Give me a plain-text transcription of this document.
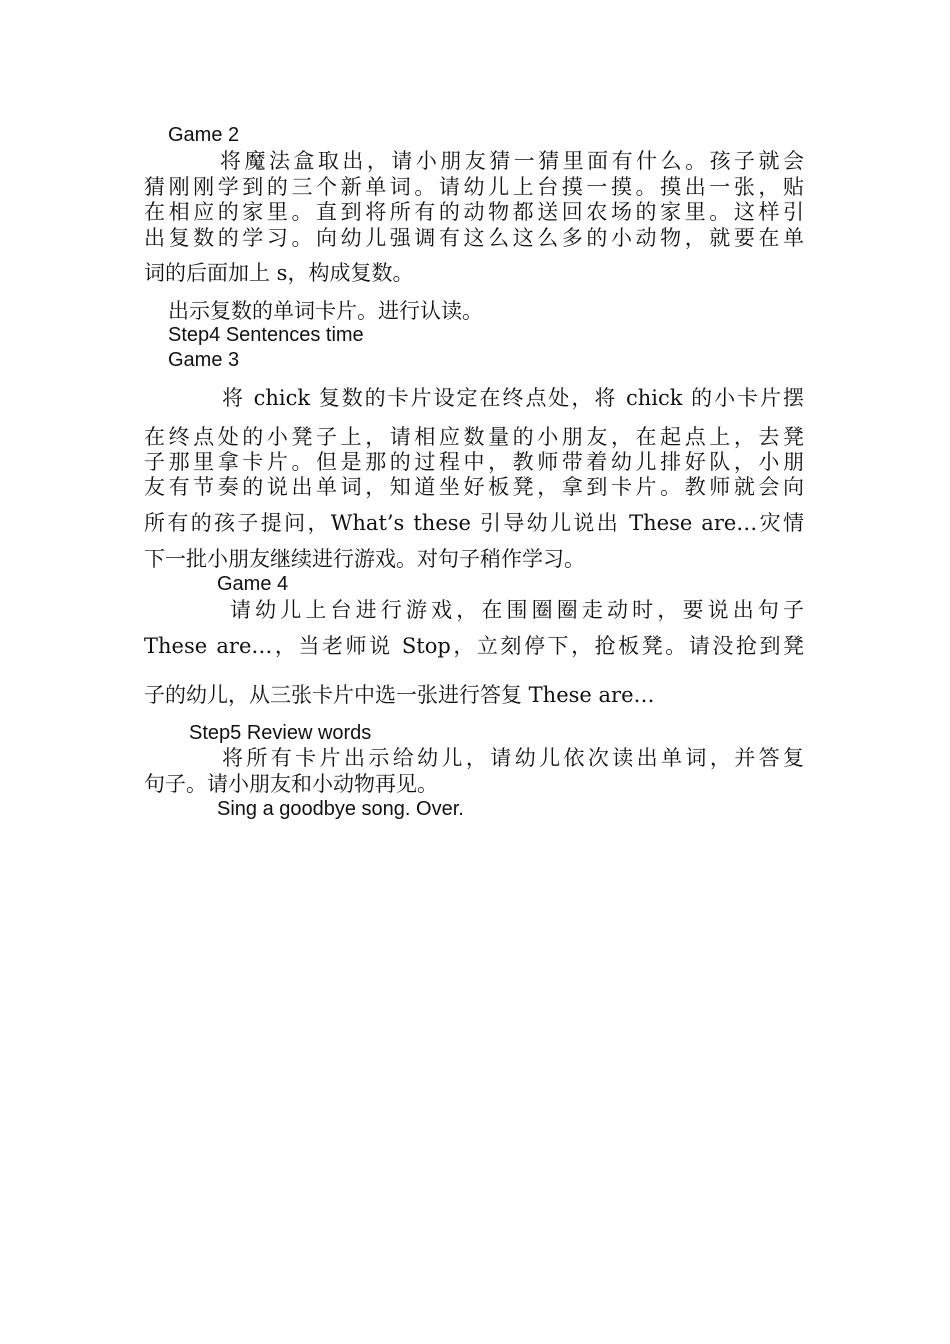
Game 2
将魔法盒取出，请小朋友猜一猜里面有什么。孩子就会
猜刚刚学到的三个新单词。请幼儿上台摸一摸。摸出一张，贴
在相应的家里。直到将所有的动物都送回农场的家里。这样引
出复数的学习。向幼儿强调有这么这么多的小动物，就要在单
词的后面加上 s，构成复数。
出示复数的单词卡片。进行认读。
Step4 Sentences time
Game 3
将 chick 复数的卡片设定在终点处，将 chick 的小卡片摆
在终点处的小凳子上，请相应数量的小朋友，在起点上，去凳
子那里拿卡片。但是那的过程中，教师带着幼儿排好队，小朋
友有节奏的说出单词，知道坐好板凳，拿到卡片。教师就会向
所有的孩子提问，What’s these 引导幼儿说出 These are…灾情
下一批小朋友继续进行游戏。对句子稍作学习。
Game 4
请幼儿上台进行游戏，在围圈圈走动时，要说出句子
These are…，当老师说 Stop，立刻停下，抢板凳。请没抢到凳
子的幼儿，从三张卡片中选一张进行答复 These are…
Step5 Review words
将所有卡片出示给幼儿，请幼儿依次读出单词，并答复
句子。请小朋友和小动物再见。
Sing a goodbye song. Over.
